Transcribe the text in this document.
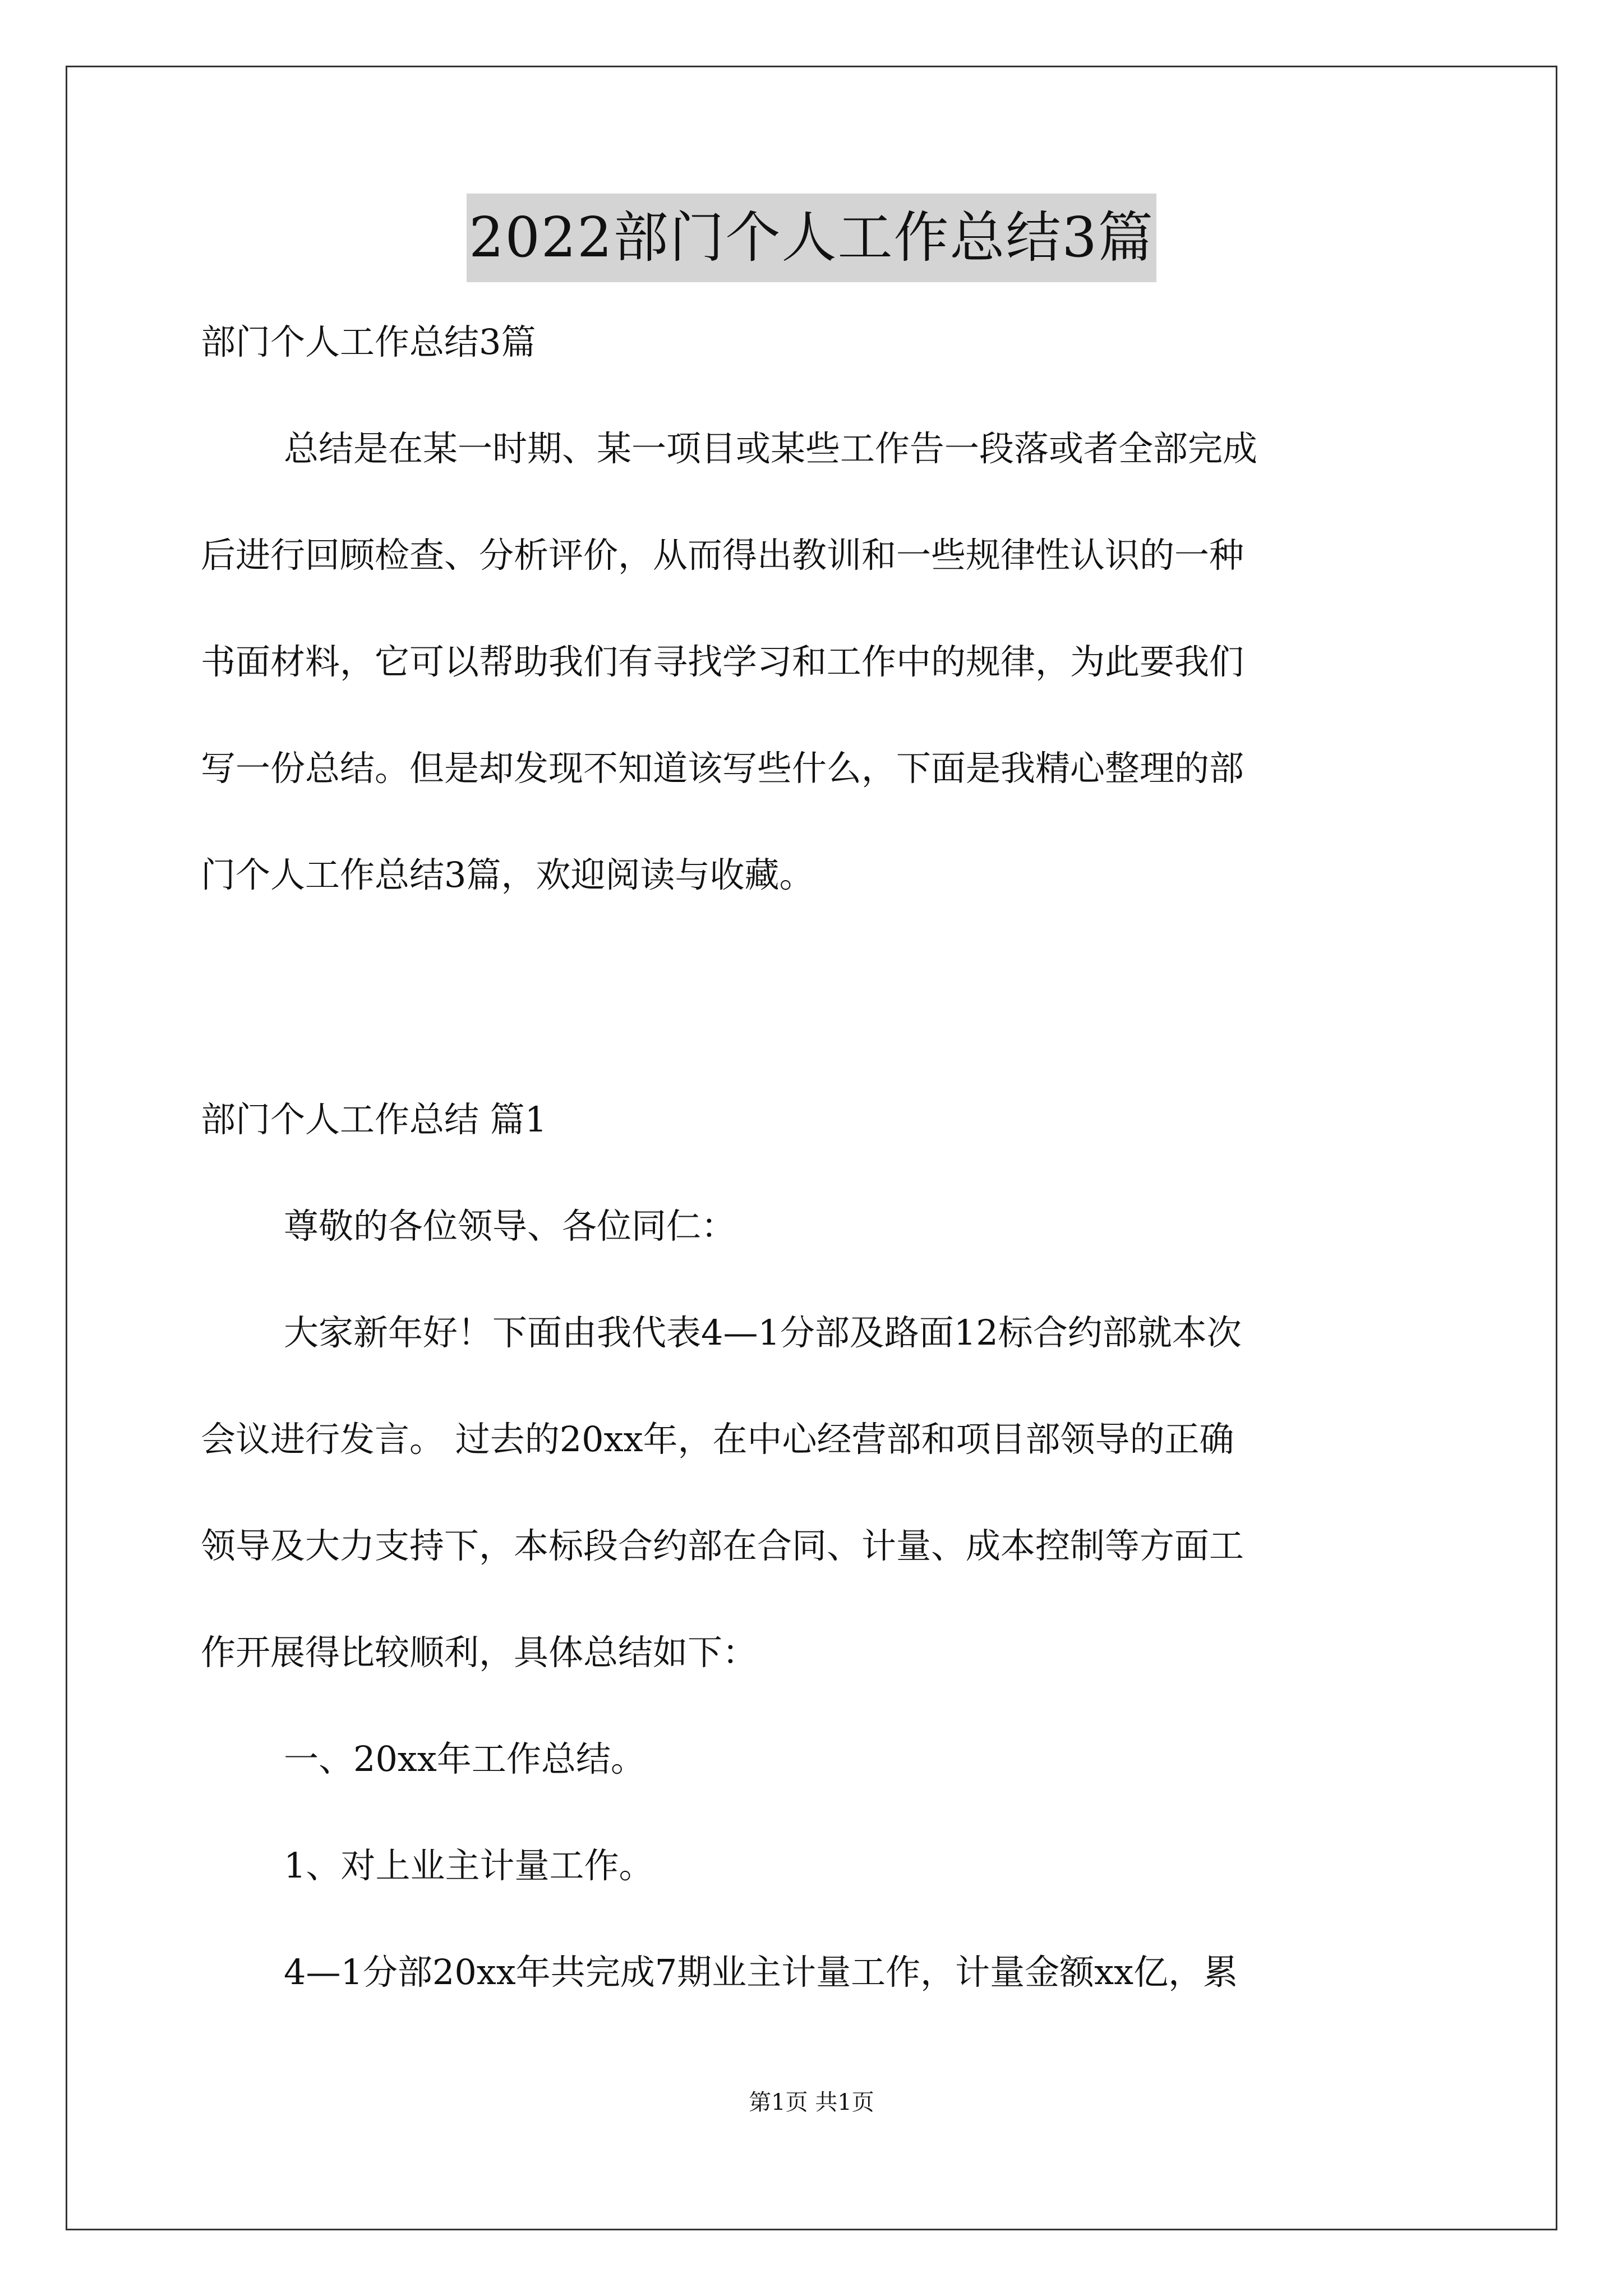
2022部门个人工作总结3篇

部门个人工作总结3篇

总结是在某一时期、某一项目或某些工作告一段落或者全部完成

后进行回顾检查、分析评价，从而得出教训和一些规律性认识的一种

书面材料，它可以帮助我们有寻找学习和工作中的规律，为此要我们

写一份总结。但是却发现不知道该写些什么，下面是我精心整理的部

门个人工作总结3篇，欢迎阅读与收藏。

部门个人工作总结 篇1

尊敬的各位领导、各位同仁：

大家新年好！下面由我代表4—1分部及路面12标合约部就本次

会议进行发言。 过去的20xx年，在中心经营部和项目部领导的正确

领导及大力支持下，本标段合约部在合同、计量、成本控制等方面工

作开展得比较顺利，具体总结如下：

一、20xx年工作总结。

1、对上业主计量工作。

4—1分部20xx年共完成7期业主计量工作，计量金额xx亿，累

第1页 共1页
